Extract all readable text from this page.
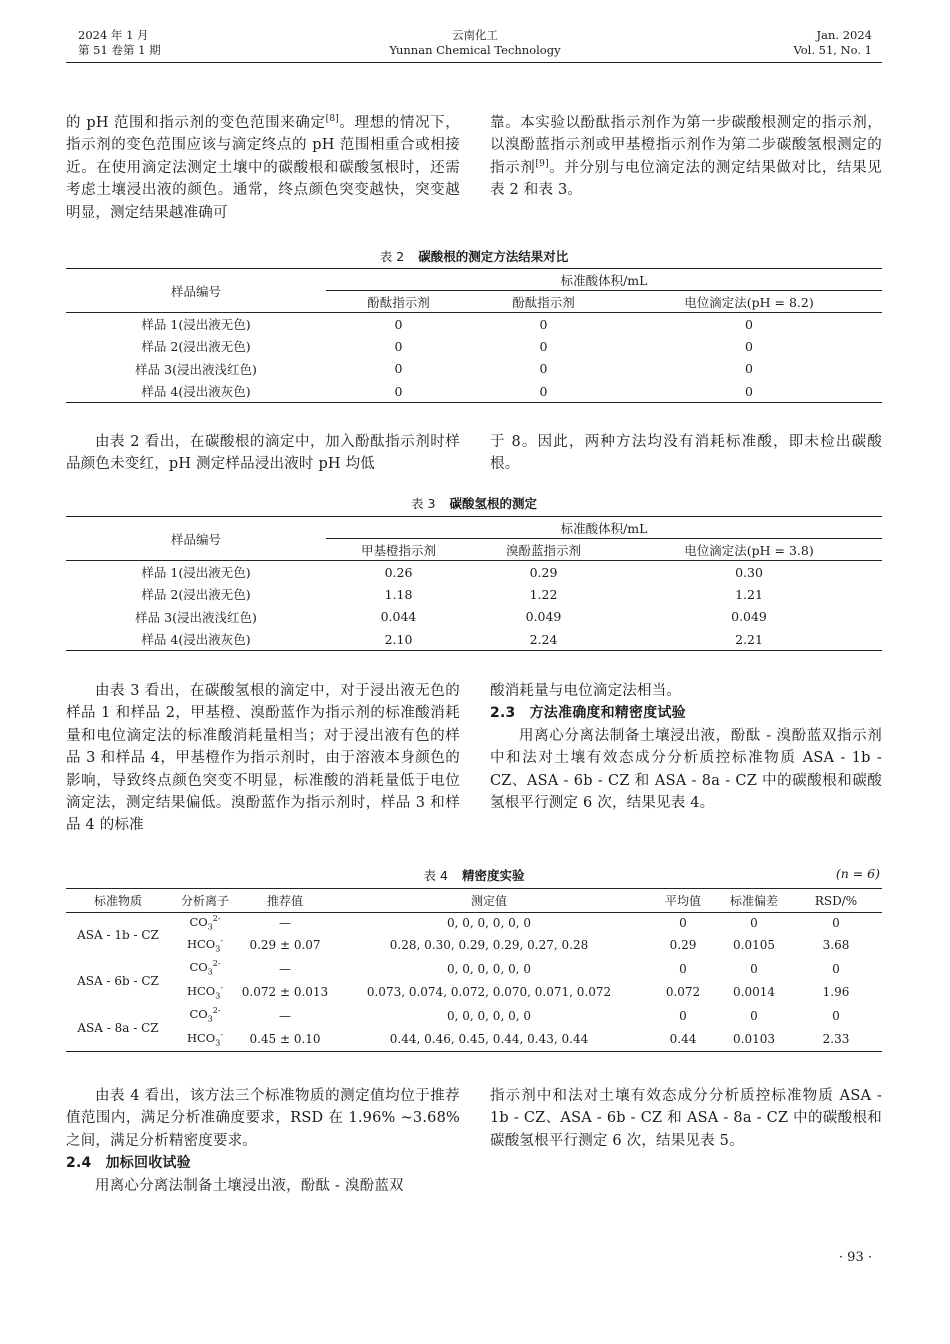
2024 年 1 月
第 51 卷第 1 期
云南化工
Yunnan Chemical Technology
Jan. 2024
Vol. 51, No. 1

的 pH 范围和指示剂的变色范围来确定[8]。理想的情况下，指示剂的变色范围应该与滴定终点的 pH 范围相重合或相接近。在使用滴定法测定土壤中的碳酸根和碳酸氢根时，还需考虑土壤浸出液的颜色。通常，终点颜色突变越快，突变越明显，测定结果越准确可

靠。本实验以酚酞指示剂作为第一步碳酸根测定的指示剂，以溴酚蓝指示剂或甲基橙指示剂作为第二步碳酸氢根测定的指示剂[9]。并分别与电位滴定法的测定结果做对比，结果见表 2 和表 3。

表 2 碳酸根的测定方法结果对比
样品编号	标准酸体积/mL		
	酚酞指示剂	酚酞指示剂	电位滴定法(pH = 8.2)
样品 1(浸出液无色)	0	0	0
样品 2(浸出液无色)	0	0	0
样品 3(浸出液浅红色)	0	0	0
样品 4(浸出液灰色)	0	0	0

由表 2 看出，在碳酸根的滴定中，加入酚酞指示剂时样品颜色未变红，pH 测定样品浸出液时 pH 均低

于 8。因此，两种方法均没有消耗标准酸，即未检出碳酸根。

表 3 碳酸氢根的测定
样品编号	标准酸体积/mL		
	甲基橙指示剂	溴酚蓝指示剂	电位滴定法(pH = 3.8)
样品 1(浸出液无色)	0.26	0.29	0.30
样品 2(浸出液无色)	1.18	1.22	1.21
样品 3(浸出液浅红色)	0.044	0.049	0.049
样品 4(浸出液灰色)	2.10	2.24	2.21

由表 3 看出，在碳酸氢根的滴定中，对于浸出液无色的样品 1 和样品 2，甲基橙、溴酚蓝作为指示剂的标准酸消耗量和电位滴定法的标准酸消耗量相当；对于浸出液有色的样品 3 和样品 4，甲基橙作为指示剂时，由于溶液本身颜色的影响，导致终点颜色突变不明显，标准酸的消耗量低于电位滴定法，测定结果偏低。溴酚蓝作为指示剂时，样品 3 和样品 4 的标准

酸消耗量与电位滴定法相当。

2.3　方法准确度和精密度试验

用离心分离法制备土壤浸出液，酚酞 - 溴酚蓝双指示剂中和法对土壤有效态成分分析质控标准物质 ASA - 1b - CZ、ASA - 6b - CZ 和 ASA - 8a - CZ 中的碳酸根和碳酸氢根平行测定 6 次，结果见表 4。

表 4 精密度实验	(n = 6)
标准物质	分析离子	推荐值	测定值	平均值	标准偏差	RSD/%
ASA - 1b - CZ	$CO_3^{2-}$	—	0, 0, 0, 0, 0, 0	0	0	0
	$HCO_3^-$	0.29 ± 0.07	0.28, 0.30, 0.29, 0.29, 0.27, 0.28	0.29	0.0105	3.68
ASA - 6b - CZ	$CO_3^{2-}$	—	0, 0, 0, 0, 0, 0	0	0	0
	$HCO_3^-$	0.072 ± 0.013	0.073, 0.074, 0.072, 0.070, 0.071, 0.072	0.072	0.0014	1.96
ASA - 8a - CZ	$CO_3^{2-}$	—	0, 0, 0, 0, 0, 0	0	0	0
	$HCO_3^-$	0.45 ± 0.10	0.44, 0.46, 0.45, 0.44, 0.43, 0.44	0.44	0.0103	2.33

由表 4 看出，该方法三个标准物质的测定值均位于推荐值范围内，满足分析准确度要求，RSD 在 1.96% ~3.68%之间，满足分析精密度要求。

2.4　加标回收试验

用离心分离法制备土壤浸出液，酚酞 - 溴酚蓝双

指示剂中和法对土壤有效态成分分析质控标准物质 ASA - 1b - CZ、ASA - 6b - CZ 和 ASA - 8a - CZ 中的碳酸根和碳酸氢根平行测定 6 次，结果见表 5。

· 93 ·
